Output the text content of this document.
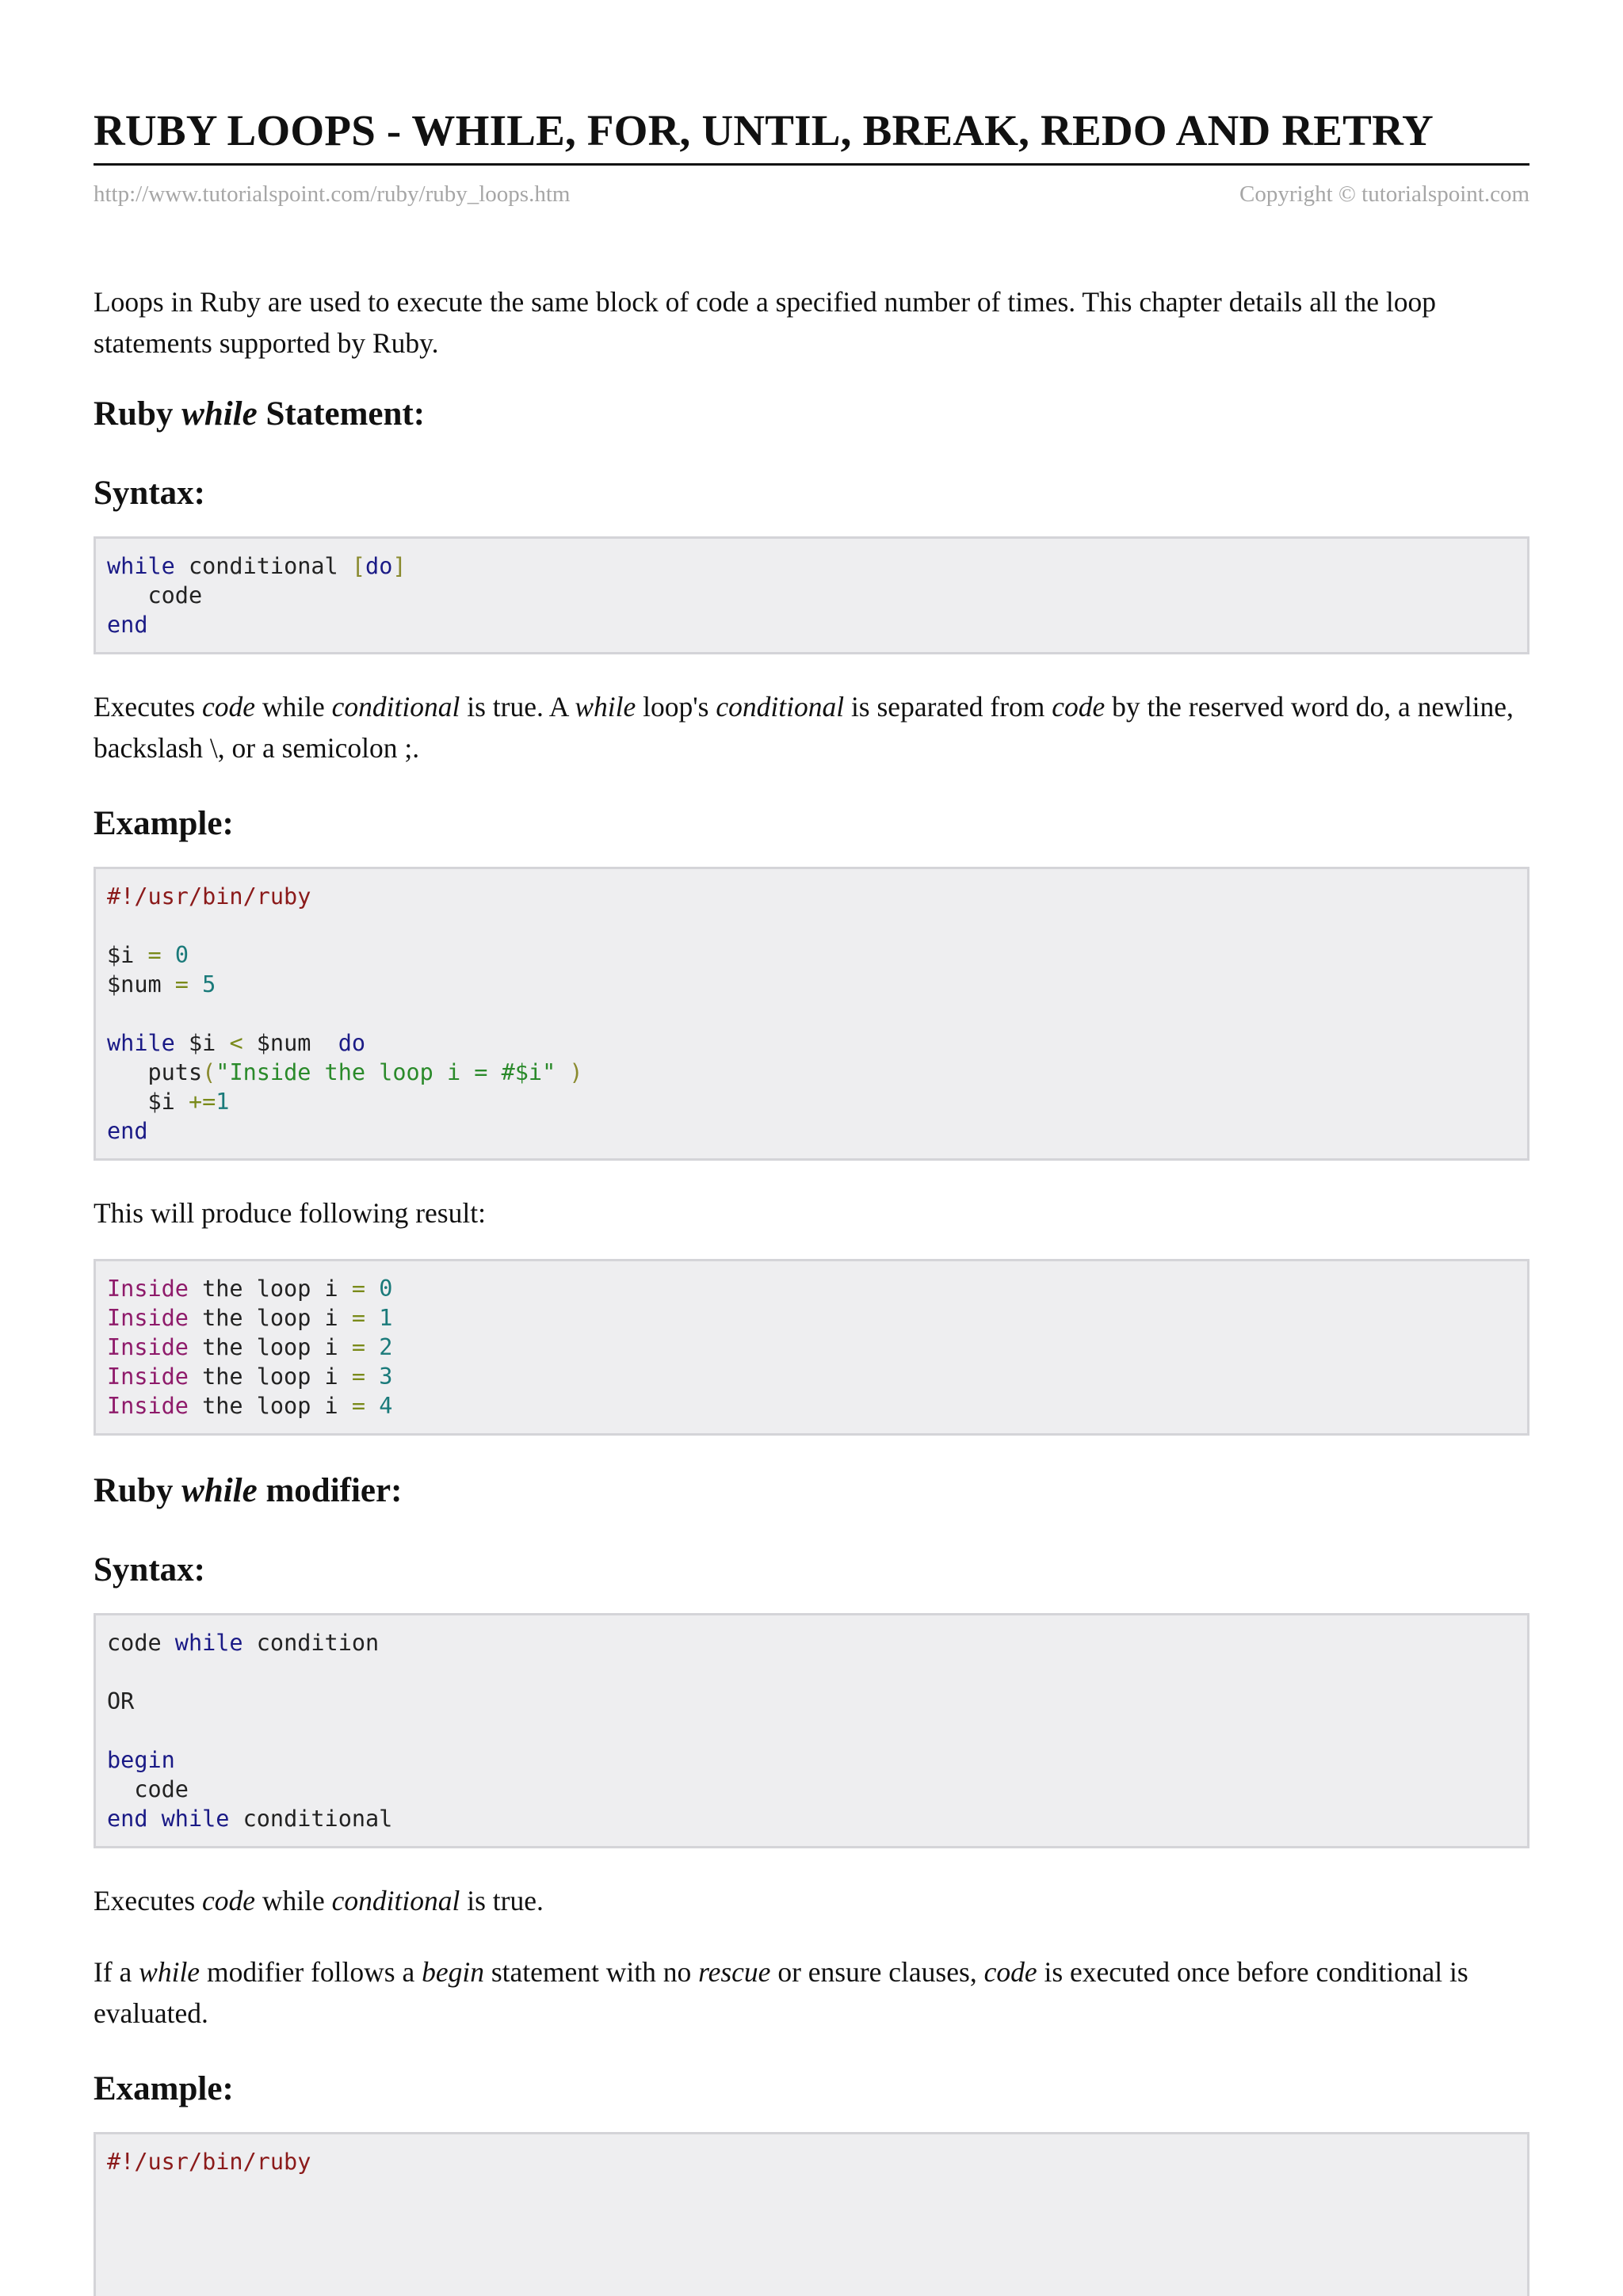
RUBY LOOPS - WHILE, FOR, UNTIL, BREAK, REDO AND RETRY
http://www.tutorialspoint.com/ruby/ruby_loops.htm	Copyright © tutorialspoint.com

Loops in Ruby are used to execute the same block of code a specified number of times. This chapter details all the loop statements supported by Ruby.

Ruby while Statement:
Syntax:
while conditional [do]
code
end

Executes code while conditional is true. A while loop's conditional is separated from code by the reserved word do, a newline, backslash \, or a semicolon ;.

Example:
#!/usr/bin/ruby

$i = 0
$num = 5

while $i < $num  do
puts("Inside the loop i = #$i" )
$i +=1
end

This will produce following result:

Inside the loop i = 0
Inside the loop i = 1
Inside the loop i = 2
Inside the loop i = 3
Inside the loop i = 4
Ruby while modifier:
Syntax:
code while condition

OR

begin
code
end while conditional

Executes code while conditional is true.

If a while modifier follows a begin statement with no rescue or ensure clauses, code is executed once before conditional is evaluated.

Example:
#!/usr/bin/ruby
